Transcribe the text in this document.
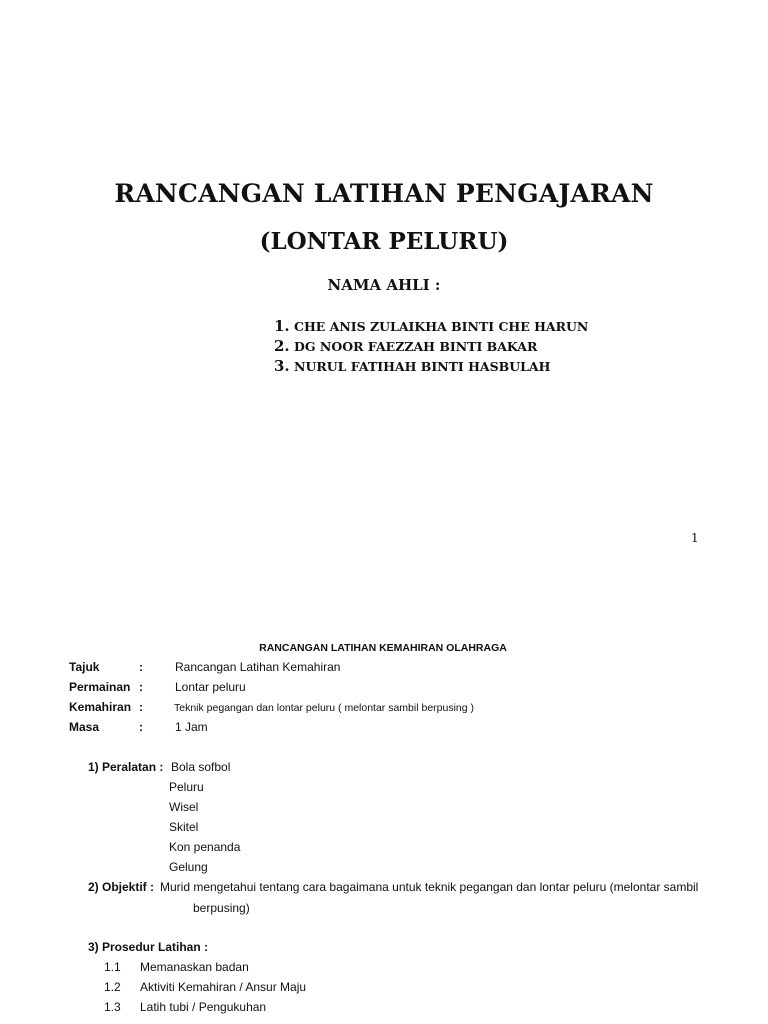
RANCANGAN LATIHAN PENGAJARAN
(LONTAR PELURU)
NAMA AHLI :
1. CHE ANIS ZULAIKHA BINTI CHE HARUN
2. DG NOOR FAEZZAH BINTI BAKAR
3. NURUL FATIHAH BINTI HASBULAH
1
RANCANGAN LATIHAN KEMAHIRAN OLAHRAGA
Tajuk	:	Rancangan Latihan Kemahiran
Permainan :	Lontar peluru
Kemahiran :	Teknik pegangan dan lontar peluru ( melontar sambil berpusing )
Masa	:	1 Jam
1) Peralatan : Bola sofbol
Peluru
Wisel
Skitel
Kon penanda
Gelung
2) Objektif : Murid mengetahui tentang cara bagaimana untuk teknik pegangan dan lontar peluru (melontar sambil
berpusing)
3) Prosedur Latihan :
1.1 Memanaskan badan
1.2 Aktiviti Kemahiran / Ansur Maju
1.3 Latih tubi / Pengukuhan
